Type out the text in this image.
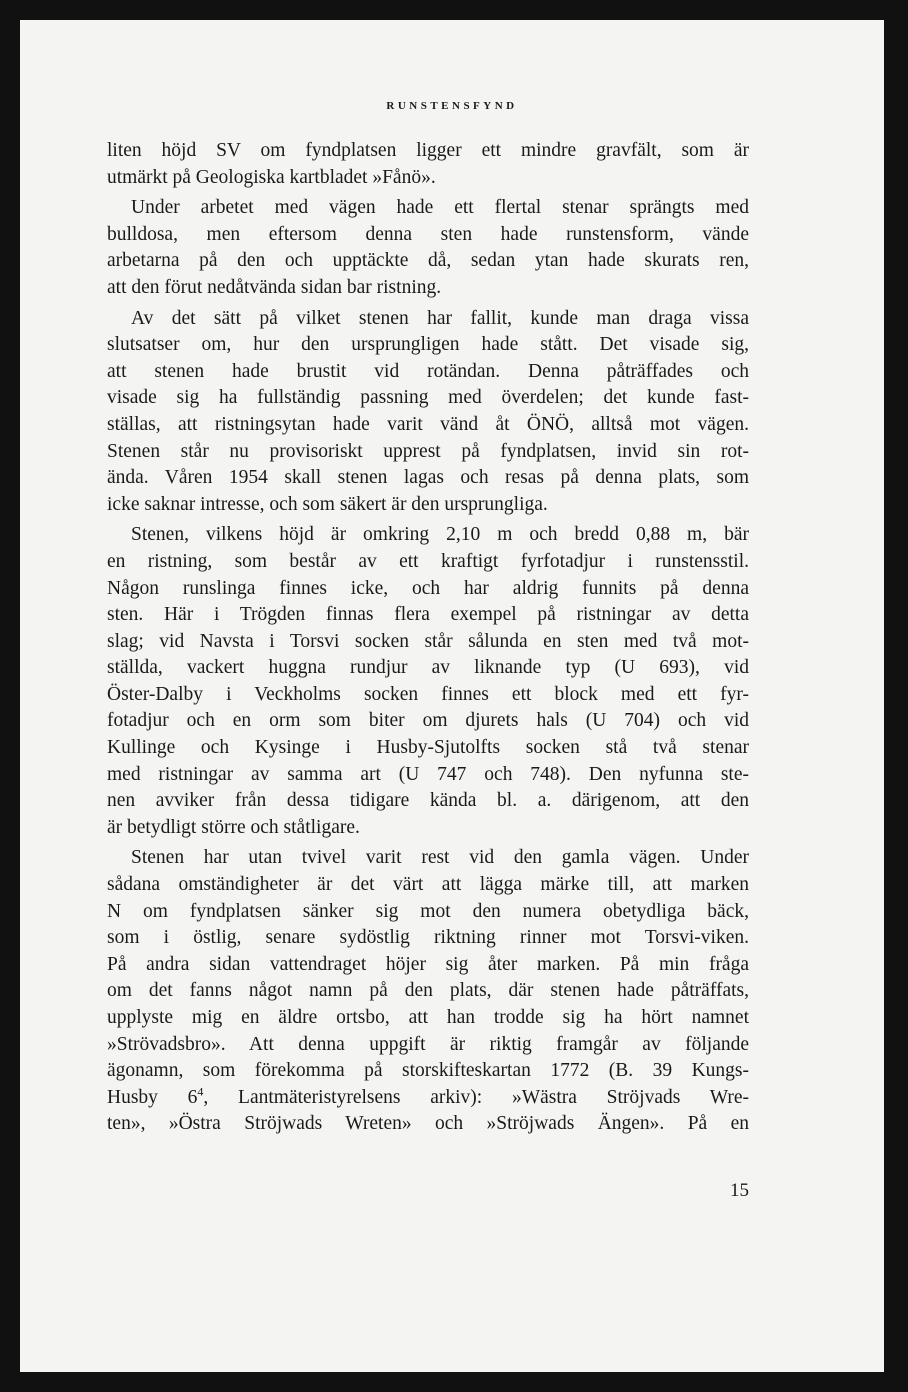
RUNSTENSFYND
liten höjd SV om fyndplatsen ligger ett mindre gravfält, som är
utmärkt på Geologiska kartbladet »Fånö».
Under arbetet med vägen hade ett flertal stenar sprängts med
bulldosa, men eftersom denna sten hade runstensform, vände
arbetarna på den och upptäckte då, sedan ytan hade skurats ren,
att den förut nedåtvända sidan bar ristning.
Av det sätt på vilket stenen har fallit, kunde man draga vissa
slutsatser om, hur den ursprungligen hade stått. Det visade sig,
att stenen hade brustit vid rotändan. Denna påträffades och
visade sig ha fullständig passning med överdelen; det kunde fast-
ställas, att ristningsytan hade varit vänd åt ÖNÖ, alltså mot vägen.
Stenen står nu provisoriskt upprest på fyndplatsen, invid sin rot-
ända. Våren 1954 skall stenen lagas och resas på denna plats, som
icke saknar intresse, och som säkert är den ursprungliga.
Stenen, vilkens höjd är omkring 2,10 m och bredd 0,88 m, bär
en ristning, som består av ett kraftigt fyrfotadjur i runstensstil.
Någon runslinga finnes icke, och har aldrig funnits på denna
sten. Här i Trögden finnas flera exempel på ristningar av detta
slag; vid Navsta i Torsvi socken står sålunda en sten med två mot-
ställda, vackert huggna rundjur av liknande typ (U 693), vid
Öster-Dalby i Veckholms socken finnes ett block med ett fyr-
fotadjur och en orm som biter om djurets hals (U 704) och vid
Kullinge och Kysinge i Husby-Sjutolfts socken stå två stenar
med ristningar av samma art (U 747 och 748). Den nyfunna ste-
nen avviker från dessa tidigare kända bl. a. därigenom, att den
är betydligt större och ståtligare.
Stenen har utan tvivel varit rest vid den gamla vägen. Under
sådana omständigheter är det värt att lägga märke till, att marken
N om fyndplatsen sänker sig mot den numera obetydliga bäck,
som i östlig, senare sydöstlig riktning rinner mot Torsvi-viken.
På andra sidan vattendraget höjer sig åter marken. På min fråga
om det fanns något namn på den plats, där stenen hade påträffats,
upplyste mig en äldre ortsbo, att han trodde sig ha hört namnet
»Strövadsbro». Att denna uppgift är riktig framgår av följande
ägonamn, som förekomma på storskifteskartan 1772 (B. 39 Kungs-
Husby $6^4$, Lantmäteristyrelsens arkiv): »Wästra Ströjvads Wre-
ten», »Östra Ströjwads Wreten» och »Ströjwads Ängen». På en
15
